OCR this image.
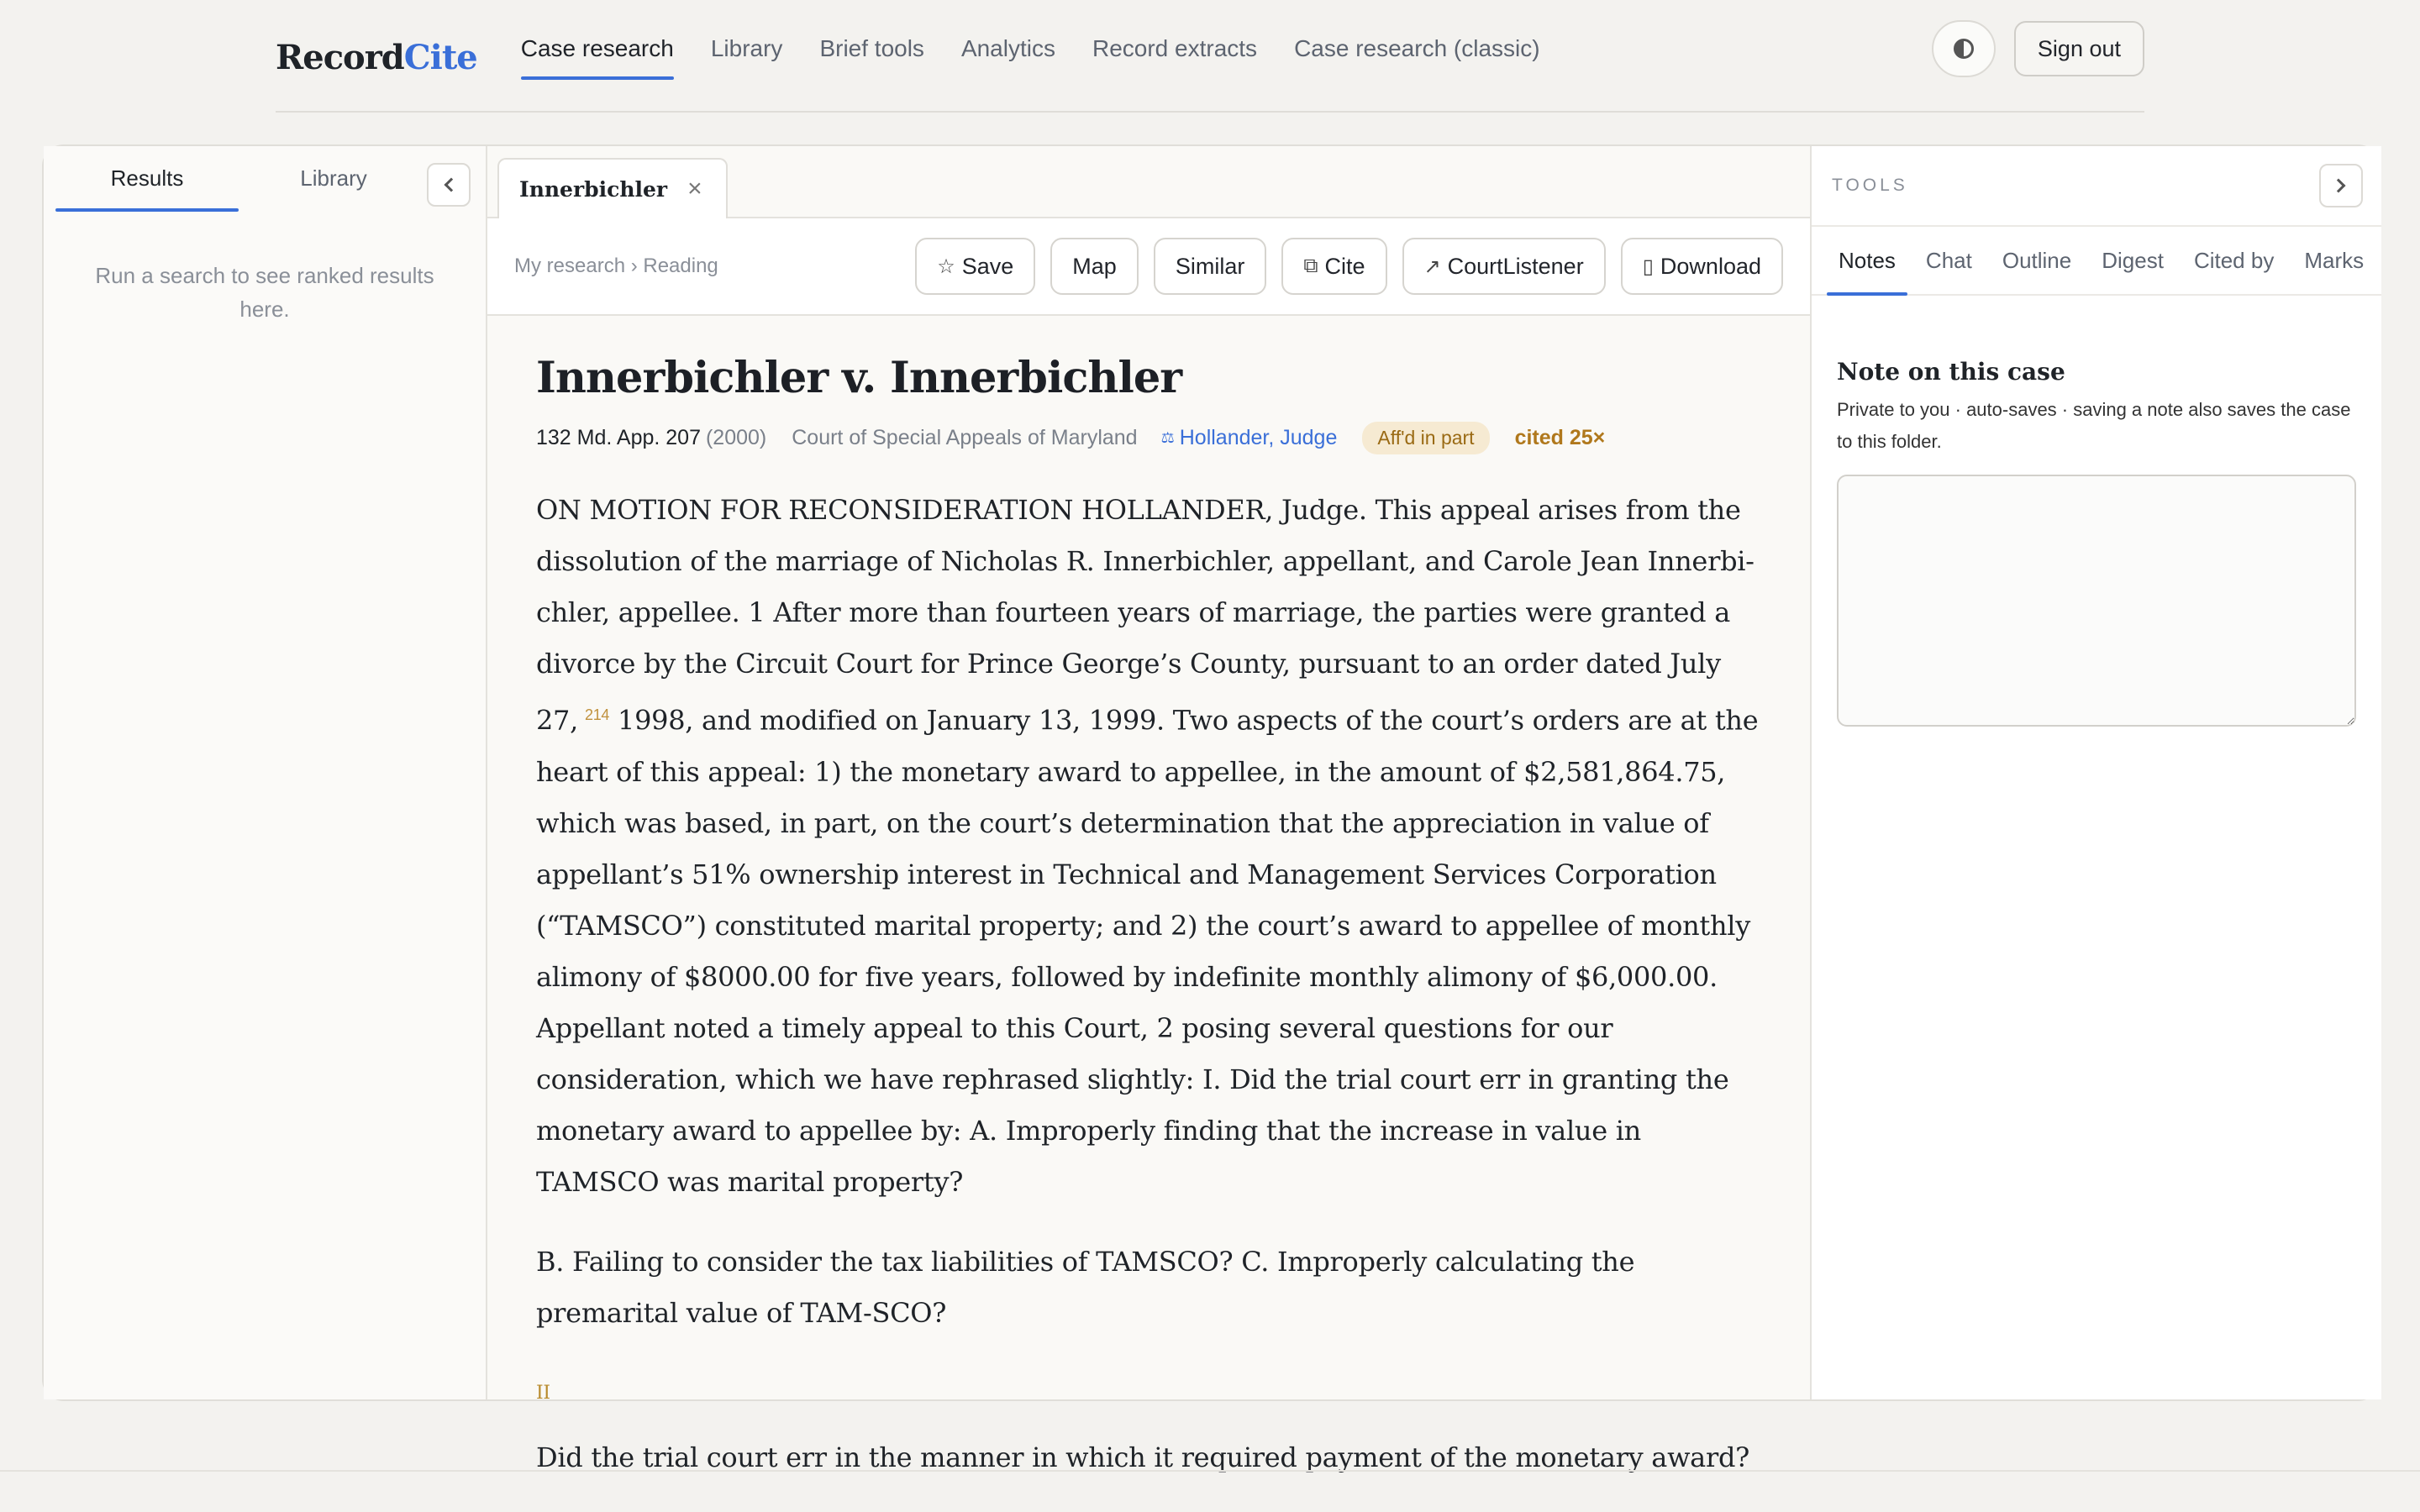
RecordCite Case research Library Brief tools Analytics Record extracts Case research (classic)	Sign out
Results	Library
Run a search to see ranked results here.
Innerbichler ×
My research › Reading	☆ Save	Map	Similar	⧉ Cite	↗ CourtListener	▯ Download
Innerbichler v. Innerbichler
132 Md. App. 207 (2000) Court of Special Appeals of Maryland ⚖ Hollander, Judge	Aff'd in part	cited 25×

ON MOTION FOR RECONSIDERATION HOLLANDER, Judge. This appeal arises from the dissolution of the marriage of Nicholas R. Innerbichler, appellant, and Carole Jean Innerbi-chler, appellee. 1 After more than fourteen years of marriage, the parties were granted a divorce by the Circuit Court for Prince George’s County, pursuant to an order dated July 27, $^{214}$ 1998, and modified on January 13, 1999. Two aspects of the court’s orders are at the heart of this appeal: 1) the monetary award to appellee, in the amount of $2,581,864.75, which was based, in part, on the court’s determination that the appreciation in value of appellant’s 51% ownership interest in Technical and Management Services Corporation (“TAMSCO”) constituted marital property; and 2) the court’s award to appellee of monthly alimony of $8000.00 for five years, followed by indefinite monthly alimony of $6,000.00. Appellant noted a timely appeal to this Court, 2 posing several questions for our consideration, which we have rephrased slightly: I. Did the trial court err in granting the monetary award to appellee by: A. Improperly finding that the increase in value in TAMSCO was marital property?

B. Failing to consider the tax liabilities of TAMSCO? C. Improperly calculating the premarital value of TAM-SCO?

II

Did the trial court err in the manner in which it required payment of the monetary award?

TOOLS
Notes	Chat	Outline	Digest	Cited by	Marks
Note on this case
Private to you · auto-saves · saving a note also saves the case to this folder.
